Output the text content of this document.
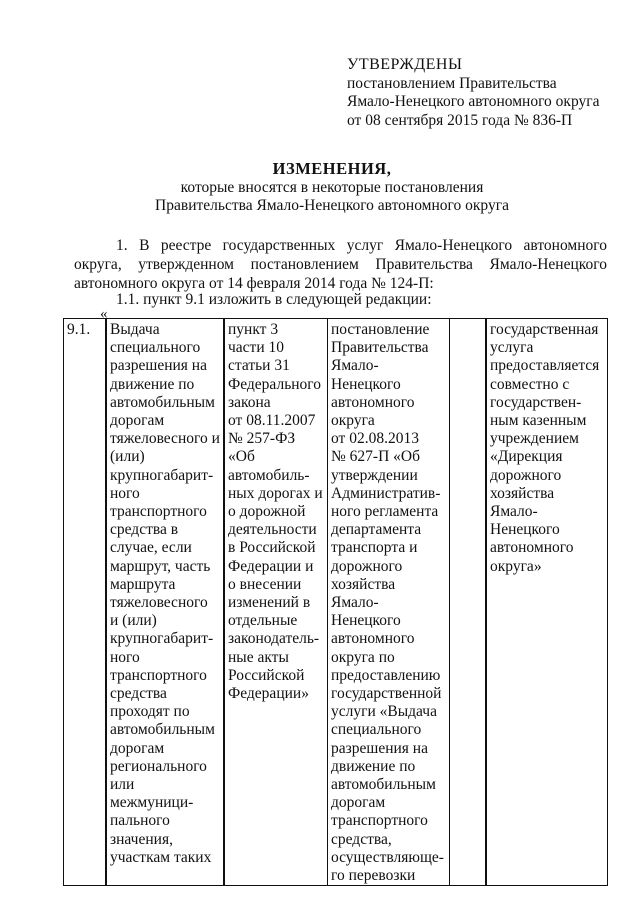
УТВЕРЖДЕНЫ
постановлением Правительства
Ямало-Ненецкого автономного округа
от 08 сентября 2015 года № 836-П
ИЗМЕНЕНИЯ,
которые вносятся в некоторые постановления
Правительства Ямало-Ненецкого автономного округа
1. В реестре государственных услуг Ямало-Ненецкого автономного округа, утвержденном постановлением Правительства Ямало-Ненецкого автономного округа от 14 февраля 2014 года № 124-П:
1.1. пункт 9.1 изложить в следующей редакции:
«
9.1.	Выдача
специального
разрешения на
движение по
автомобильным
дорогам
тяжеловесного и
(или)
крупногабарит-
ного
транспортного
средства в
случае, если
маршрут, часть
маршрута
тяжеловесного
и (или)
крупногабарит-
ного
транспортного
средства
проходят по
автомобильным
дорогам
регионального
или
межмуници-
пального
значения,
участкам таких	пункт 3
части 10
статьи 31
Федерального
закона
от 08.11.2007
№ 257-ФЗ
«Об
автомобиль-
ных дорогах и
о дорожной
деятельности
в Российской
Федерации и
о внесении
изменений в
отдельные
законодатель-
ные акты
Российской
Федерации»	постановление
Правительства
Ямало-
Ненецкого
автономного
округа
от 02.08.2013
№ 627-П «Об
утверждении
Административ-
ного регламента
департамента
транспорта и
дорожного
хозяйства Ямало-
Ненецкого
автономного
округа по
предоставлению
государственной
услуги «Выдача
специального
разрешения на
движение по
автомобильным
дорогам
транспортного
средства,
осуществляюще-
го перевозки		государственная
услуга
предоставляется
совместно с
государствен-
ным казенным
учреждением
«Дирекция
дорожного
хозяйства
Ямало-
Ненецкого
автономного
округа»
